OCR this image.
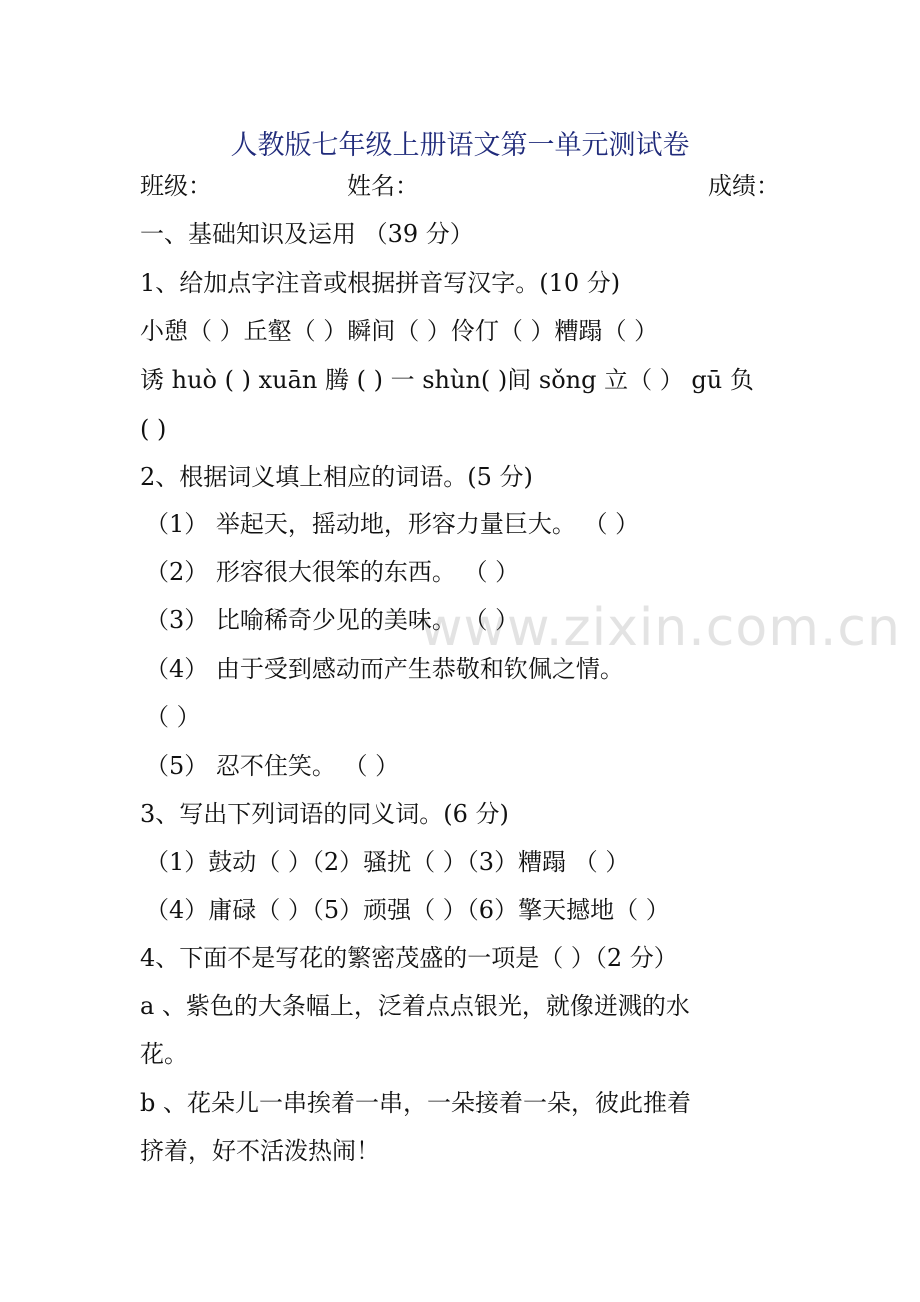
www.zixin.com.cn
人教版七年级上册语文第一单元测试卷
班级：	姓名：	成绩：
一、基础知识及运用 （39 分）
1、给加点字注音或根据拼音写汉字。(10 分)
小憩（ ）丘壑（ ）瞬间（ ）伶仃（ ）糟蹋（ ）
诱 huò ( ) xuān 腾 ( ) 一 shùn( )间 sǒng 立（ ） gū 负
( )
2、根据词义填上相应的词语。(5 分)
（1） 举起天，摇动地，形容力量巨大。 （ ）
（2） 形容很大很笨的东西。 （ ）
（3） 比喻稀奇少见的美味。 （ ）
（4） 由于受到感动而产生恭敬和钦佩之情。
（ ）
（5） 忍不住笑。 （ ）
3、写出下列词语的同义词。(6 分)
（1）鼓动（ ）（2）骚扰（ ）（3）糟蹋 （ ）
（4）庸碌（ ）（5）顽强（ ）（6）擎天撼地（ ）
4、下面不是写花的繁密茂盛的一项是（ ）（2 分）
a 、紫色的大条幅上，泛着点点银光，就像迸溅的水
花。
b 、花朵儿一串挨着一串，一朵接着一朵，彼此推着
挤着，好不活泼热闹！
